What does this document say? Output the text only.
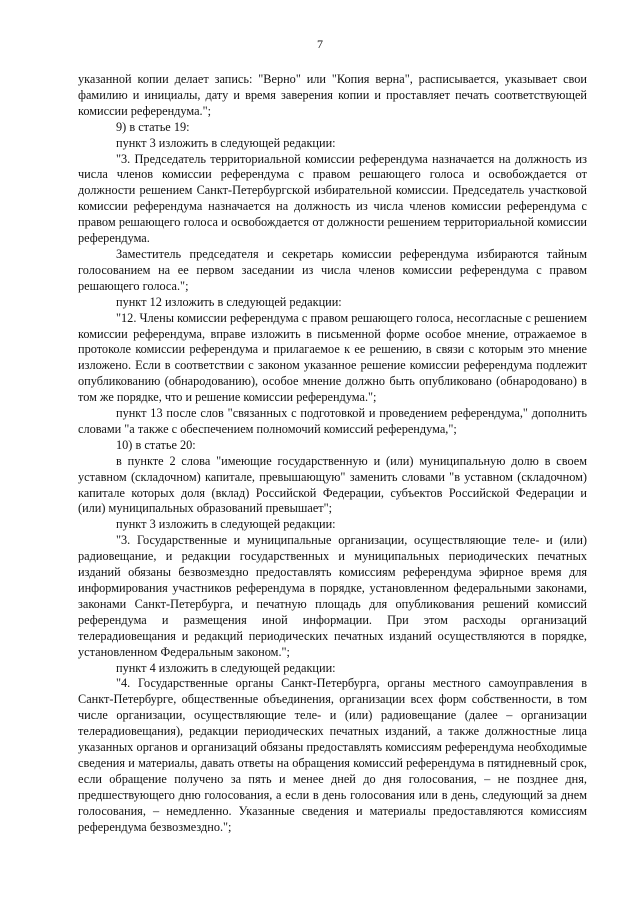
7

указанной копии делает запись: "Верно" или "Копия верна", расписывается, указывает свои фамилию и инициалы, дату и время заверения копии и проставляет печать соответствующей комиссии референдума.";

9) в статье 19:

пункт 3 изложить в следующей редакции:

"3. Председатель территориальной комиссии референдума назначается на должность из числа членов комиссии референдума с правом решающего голоса и освобождается от должности решением Санкт-Петербургской избирательной комиссии. Председатель участковой комиссии референдума назначается на должность из числа членов комиссии референдума с правом решающего голоса и освобождается от должности решением территориальной комиссии референдума.

Заместитель председателя и секретарь комиссии референдума избираются тайным голосованием на ее первом заседании из числа членов комиссии референдума с правом решающего голоса.";

пункт 12 изложить в следующей редакции:

"12. Члены комиссии референдума с правом решающего голоса, несогласные с решением комиссии референдума, вправе изложить в письменной форме особое мнение, отражаемое в протоколе комиссии референдума и прилагаемое к ее решению, в связи с которым это мнение изложено. Если в соответствии с законом указанное решение комиссии референдума подлежит опубликованию (обнародованию), особое мнение должно быть опубликовано (обнародовано) в том же порядке, что и решение комиссии референдума.";

пункт 13 после слов "связанных с подготовкой и проведением референдума," дополнить словами "а также с обеспечением полномочий комиссий референдума,";

10) в статье 20:

в пункте 2 слова "имеющие государственную и (или) муниципальную долю в своем уставном (складочном) капитале, превышающую" заменить словами "в уставном (складочном) капитале которых доля (вклад) Российской Федерации, субъектов Российской Федерации и (или) муниципальных образований превышает";

пункт 3 изложить в следующей редакции:

"3. Государственные и муниципальные организации, осуществляющие теле- и (или) радиовещание, и редакции государственных и муниципальных периодических печатных изданий обязаны безвозмездно предоставлять комиссиям референдума эфирное время для информирования участников референдума в порядке, установленном федеральными законами, законами Санкт-Петербурга, и печатную площадь для опубликования решений комиссий референдума и размещения иной информации. При этом расходы организаций телерадиовещания и редакций периодических печатных изданий осуществляются в порядке, установленном Федеральным законом.";

пункт 4 изложить в следующей редакции:

"4. Государственные органы Санкт-Петербурга, органы местного самоуправления в Санкт-Петербурге, общественные объединения, организации всех форм собственности, в том числе организации, осуществляющие теле- и (или) радиовещание (далее – организации телерадиовещания), редакции периодических печатных изданий, а также должностные лица указанных органов и организаций обязаны предоставлять комиссиям референдума необходимые сведения и материалы, давать ответы на обращения комиссий референдума в пятидневный срок, если обращение получено за пять и менее дней до дня голосования, – не позднее дня, предшествующего дню голосования, а если в день голосования или в день, следующий за днем голосования, – немедленно. Указанные сведения и материалы предоставляются комиссиям референдума безвозмездно.";
